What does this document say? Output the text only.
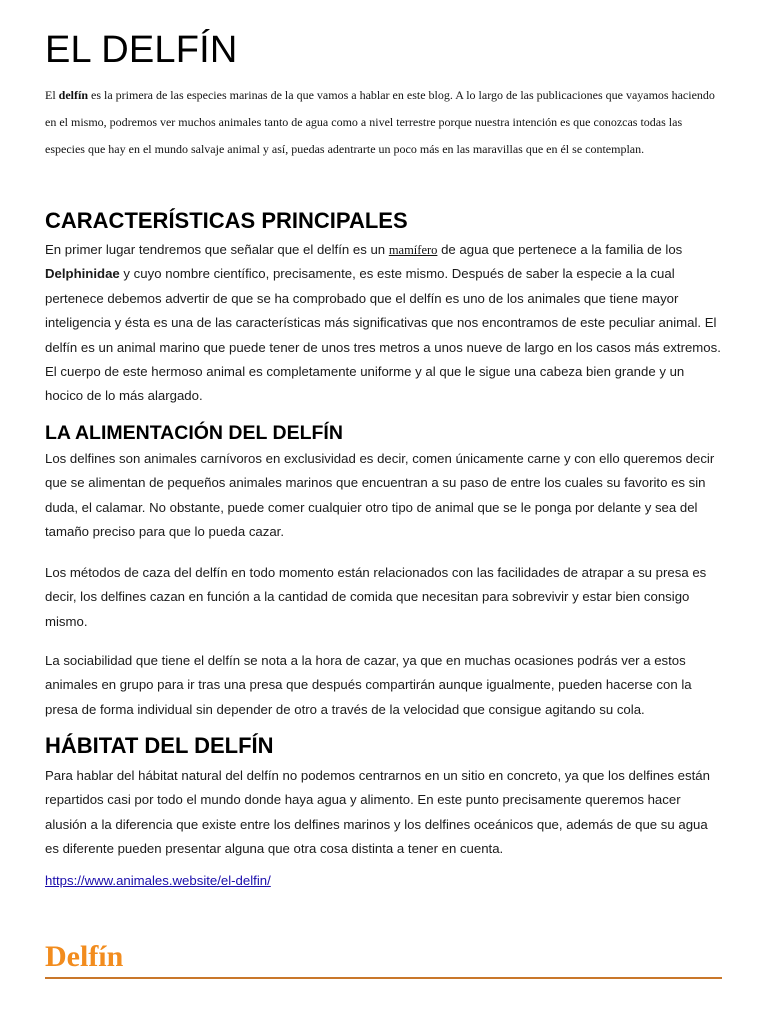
EL DELFÍN

El delfín es la primera de las especies marinas de la que vamos a hablar en este blog. A lo largo de las publicaciones que vayamos haciendo en el mismo, podremos ver muchos animales tanto de agua como a nivel terrestre porque nuestra intención es que conozcas todas las especies que hay en el mundo salvaje animal y así, puedas adentrarte un poco más en las maravillas que en él se contemplan.

CARACTERÍSTICAS PRINCIPALES

En primer lugar tendremos que señalar que el delfín es un mamífero de agua que pertenece a la familia de los Delphinidae y cuyo nombre científico, precisamente, es este mismo. Después de saber la especie a la cual pertenece debemos advertir de que se ha comprobado que el delfín es uno de los animales que tiene mayor inteligencia y ésta es una de las características más significativas que nos encontramos de este peculiar animal. El delfín es un animal marino que puede tener de unos tres metros a unos nueve de largo en los casos más extremos. El cuerpo de este hermoso animal es completamente uniforme y al que le sigue una cabeza bien grande y un hocico de lo más alargado.

LA ALIMENTACIÓN DEL DELFÍN

Los delfines son animales carnívoros en exclusividad es decir, comen únicamente carne y con ello queremos decir que se alimentan de pequeños animales marinos que encuentran a su paso de entre los cuales su favorito es sin duda, el calamar. No obstante, puede comer cualquier otro tipo de animal que se le ponga por delante y sea del tamaño preciso para que lo pueda cazar.

Los métodos de caza del delfín en todo momento están relacionados con las facilidades de atrapar a su presa es decir, los delfines cazan en función a la cantidad de comida que necesitan para sobrevivir y estar bien consigo mismo.

La sociabilidad que tiene el delfín se nota a la hora de cazar, ya que en muchas ocasiones podrás ver a estos animales en grupo para ir tras una presa que después compartirán aunque igualmente, pueden hacerse con la presa de forma individual sin depender de otro a través de la velocidad que consigue agitando su cola.

HÁBITAT DEL DELFÍN

Para hablar del hábitat natural del delfín no podemos centrarnos en un sitio en concreto, ya que los delfines están repartidos casi por todo el mundo donde haya agua y alimento. En este punto precisamente queremos hacer alusión a la diferencia que existe entre los delfines marinos y los delfines oceánicos que, además de que su agua es diferente pueden presentar alguna que otra cosa distinta a tener en cuenta.

https://www.animales.website/el-delfin/
Delfín
